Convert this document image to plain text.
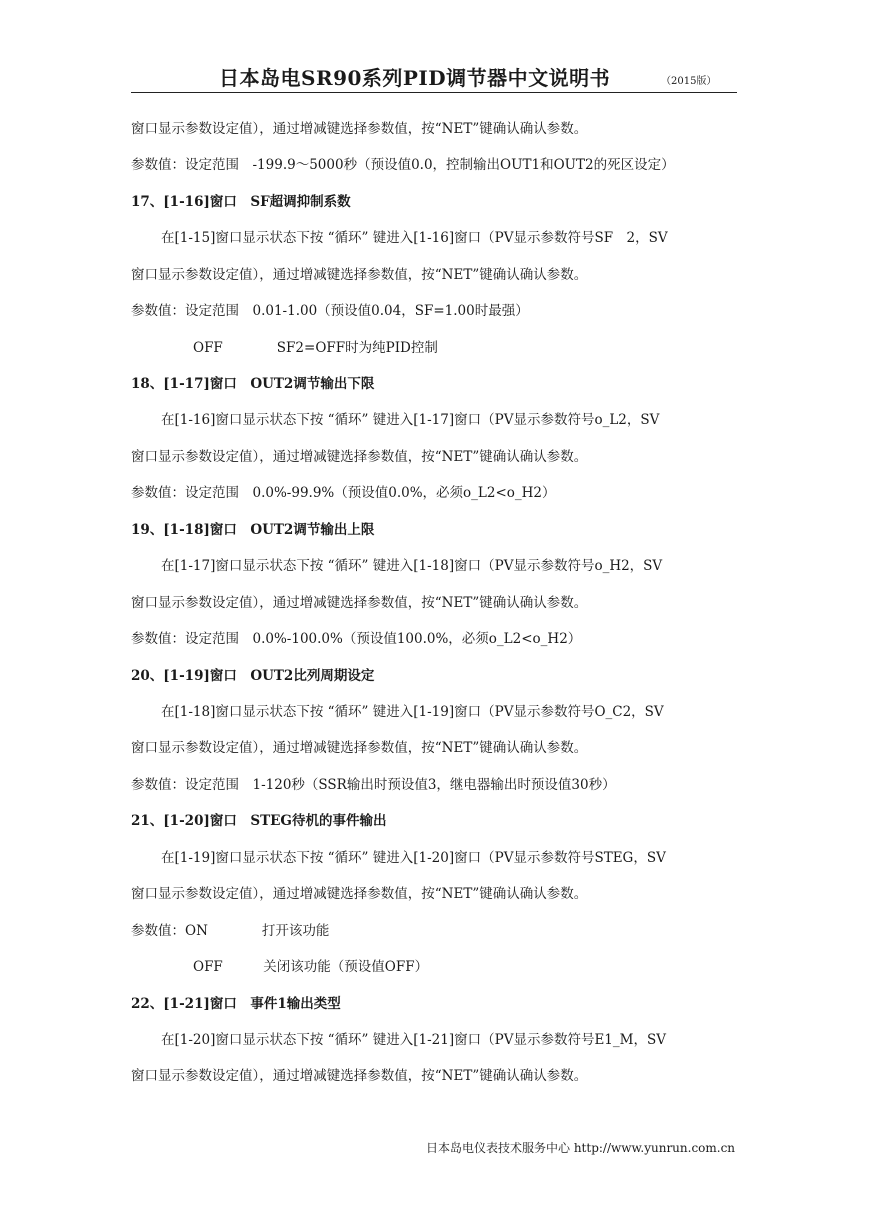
日本岛电SR90系列PID调节器中文说明书	（2015版）
窗口显示参数设定值），通过增减键选择参数值，按“NET”键确认确认参数。
参数值：设定范围　-199.9～5000秒（预设值0.0，控制输出OUT1和OUT2的死区设定）
17、[1-16]窗口　SF超调抑制系数
在[1-15]窗口显示状态下按 “循环” 键进入[1-16]窗口（PV显示参数符号SF　2，SV
窗口显示参数设定值），通过增减键选择参数值，按“NET”键确认确认参数。
参数值：设定范围　0.01-1.00（预设值0.04，SF=1.00时最强）
OFF　　　　SF2=OFF时为纯PID控制
18、[1-17]窗口　OUT2调节输出下限
在[1-16]窗口显示状态下按 “循环” 键进入[1-17]窗口（PV显示参数符号o_L2，SV
窗口显示参数设定值），通过增减键选择参数值，按“NET”键确认确认参数。
参数值：设定范围　0.0%-99.9%（预设值0.0%，必须o_L2<o_H2）
19、[1-18]窗口　OUT2调节输出上限
在[1-17]窗口显示状态下按 “循环” 键进入[1-18]窗口（PV显示参数符号o_H2，SV
窗口显示参数设定值），通过增减键选择参数值，按“NET”键确认确认参数。
参数值：设定范围　0.0%-100.0%（预设值100.0%，必须o_L2<o_H2）
20、[1-19]窗口　OUT2比列周期设定
在[1-18]窗口显示状态下按 “循环” 键进入[1-19]窗口（PV显示参数符号O_C2，SV
窗口显示参数设定值），通过增减键选择参数值，按“NET”键确认确认参数。
参数值：设定范围　1-120秒（SSR输出时预设值3，继电器输出时预设值30秒）
21、[1-20]窗口　STEG待机的事件输出
在[1-19]窗口显示状态下按 “循环” 键进入[1-20]窗口（PV显示参数符号STEG，SV
窗口显示参数设定值），通过增减键选择参数值，按“NET”键确认确认参数。
参数值：ON　　　　打开该功能
OFF　　　关闭该功能（预设值OFF）
22、[1-21]窗口　事件1输出类型
在[1-20]窗口显示状态下按 “循环” 键进入[1-21]窗口（PV显示参数符号E1_M，SV
窗口显示参数设定值），通过增减键选择参数值，按“NET”键确认确认参数。
日本岛电仪表技术服务中心 http://www.yunrun.com.cn
